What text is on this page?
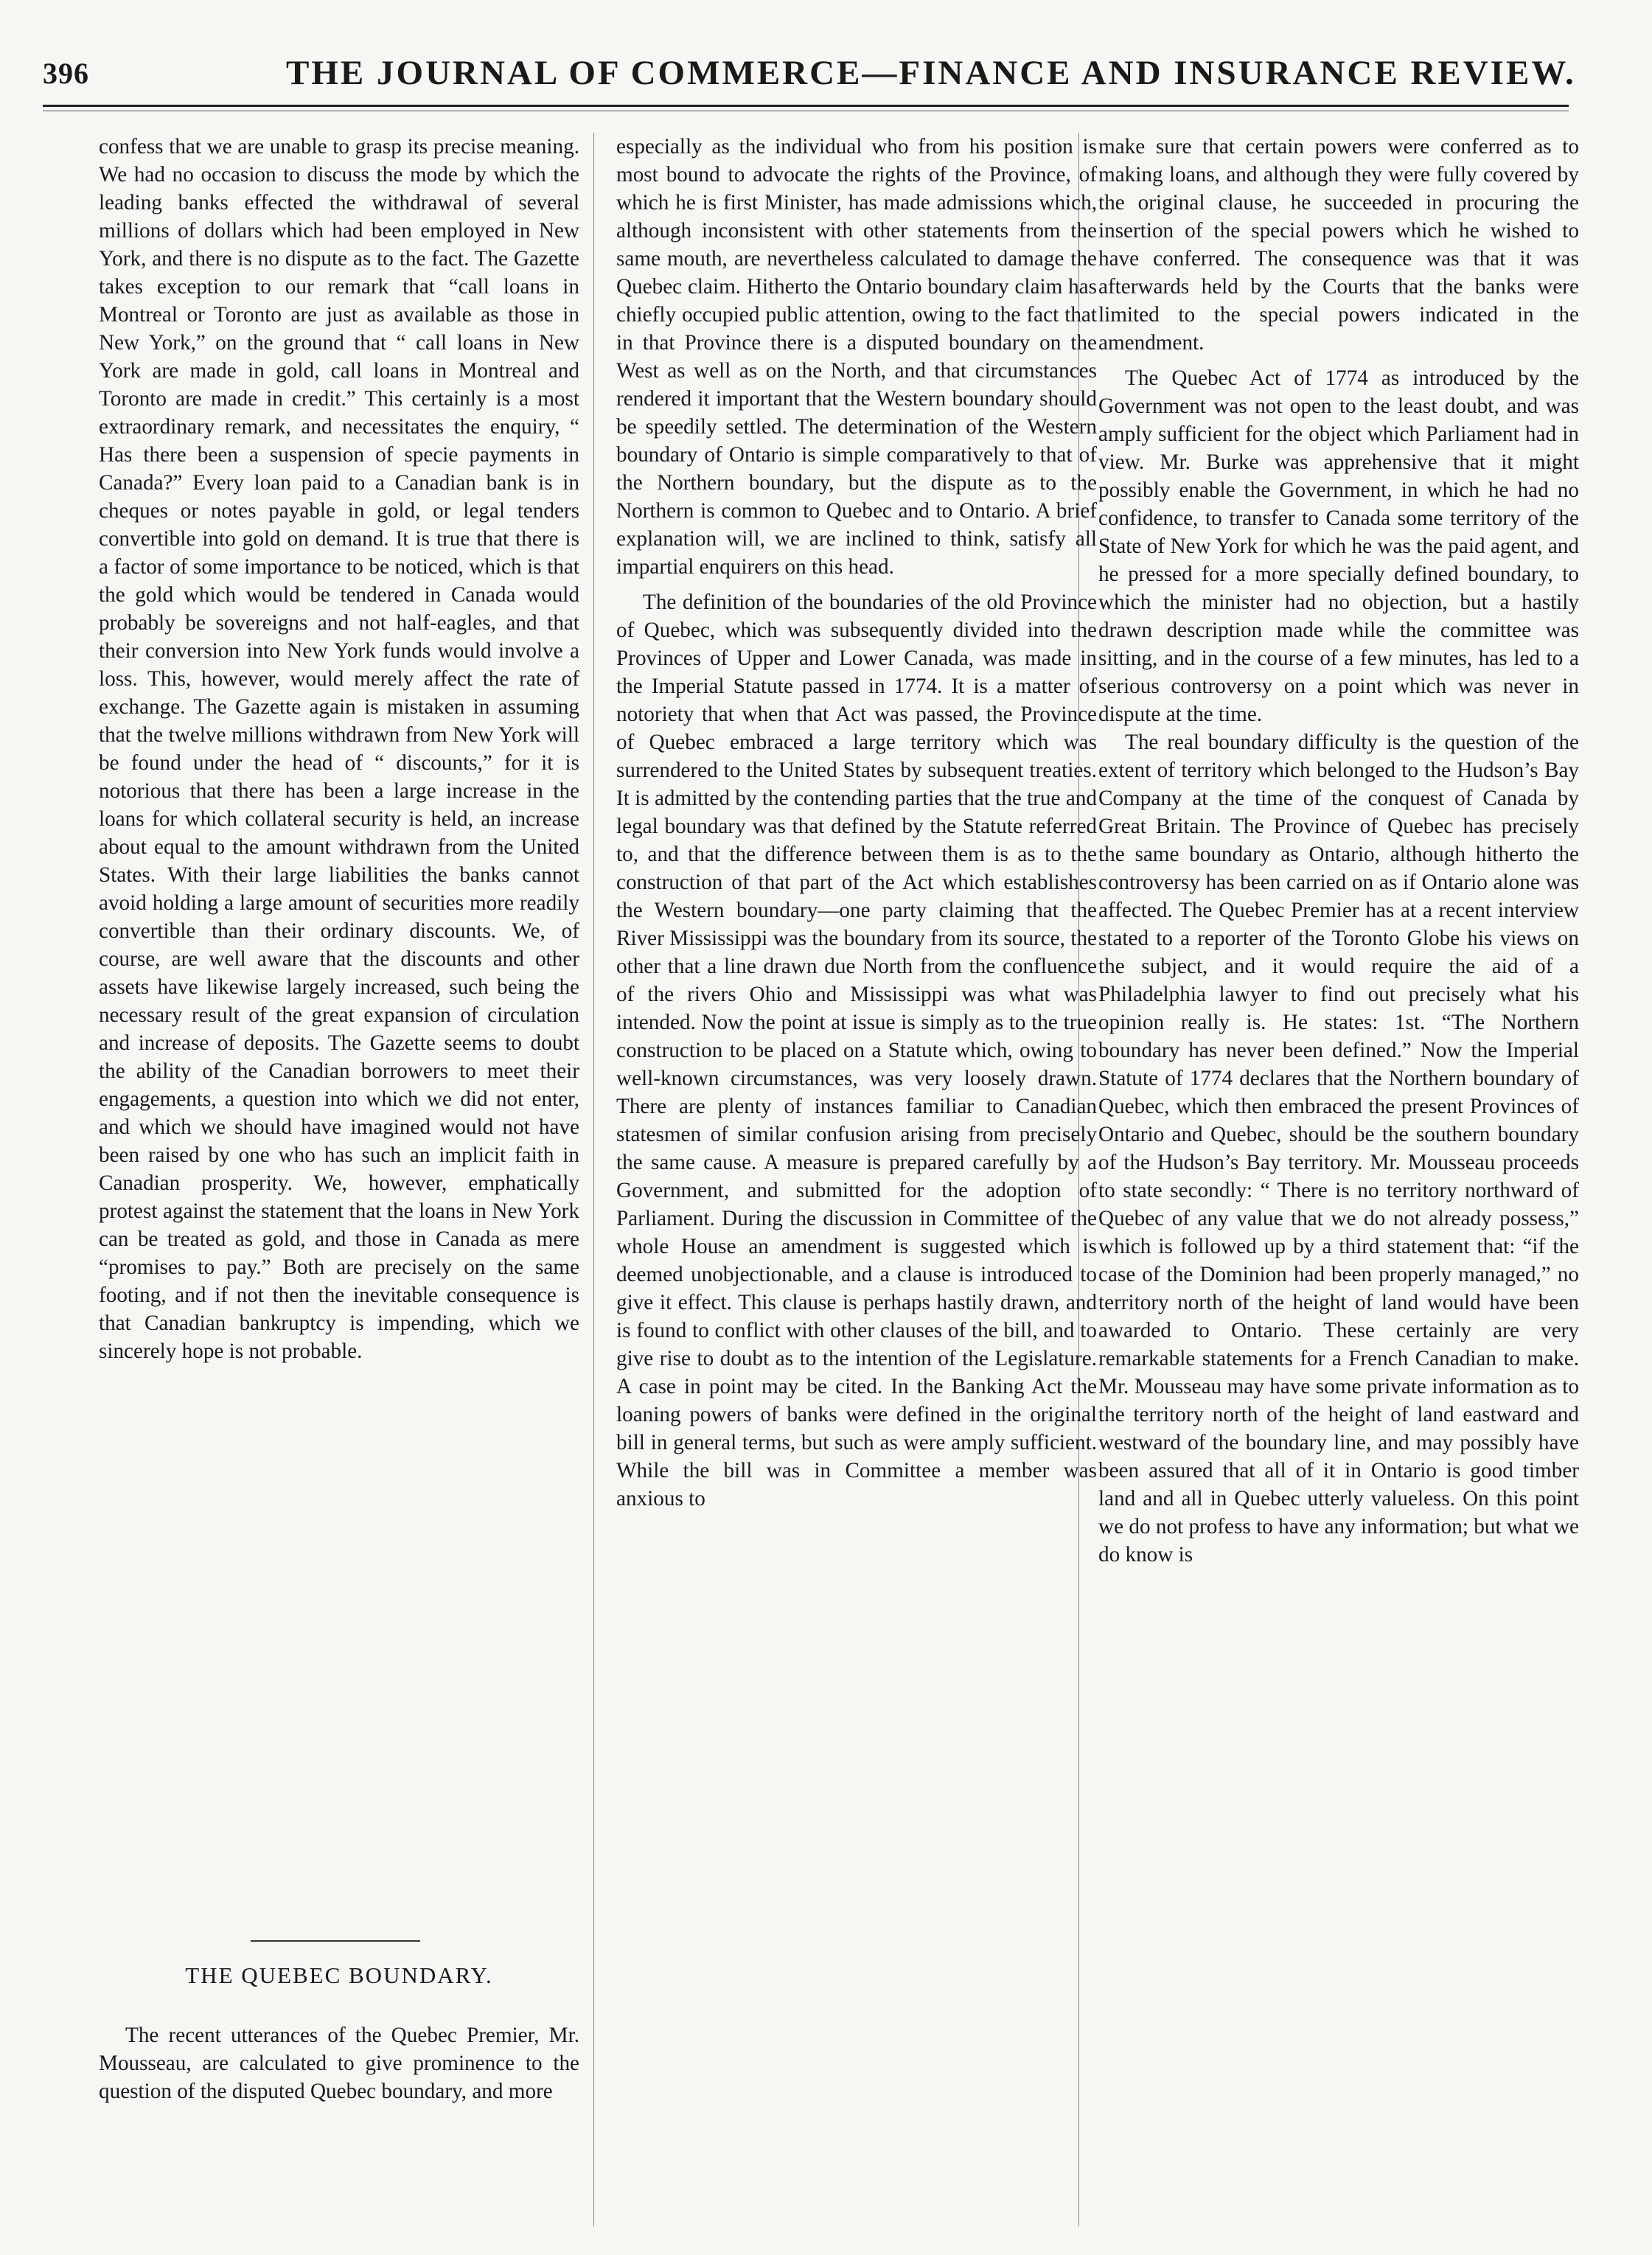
396	THE JOURNAL OF COMMERCE—FINANCE AND INSURANCE REVIEW.

confess that we are unable to grasp its precise meaning. We had no occasion to discuss the mode by which the leading banks effected the withdrawal of several millions of dollars which had been employed in New York, and there is no dispute as to the fact. The Gazette takes exception to our remark that “call loans in Montreal or Toronto are just as available as those in New York,” on the ground that “ call loans in New York are made in gold, call loans in Montreal and Toronto are made in credit.” This certainly is a most extraordinary remark, and necessitates the enquiry, “ Has there been a suspension of specie payments in Canada?” Every loan paid to a Canadian bank is in cheques or notes payable in gold, or legal tenders convertible into gold on demand. It is true that there is a factor of some importance to be noticed, which is that the gold which would be tendered in Canada would probably be sovereigns and not half-eagles, and that their conversion into New York funds would involve a loss. This, however, would merely affect the rate of exchange. The Gazette again is mistaken in assuming that the twelve millions withdrawn from New York will be found under the head of “ discounts,” for it is notorious that there has been a large increase in the loans for which collateral security is held, an increase about equal to the amount withdrawn from the United States. With their large liabilities the banks cannot avoid holding a large amount of securities more readily convertible than their ordinary discounts. We, of course, are well aware that the discounts and other assets have likewise largely increased, such being the necessary result of the great expansion of circulation and increase of deposits. The Gazette seems to doubt the ability of the Canadian borrowers to meet their engagements, a question into which we did not enter, and which we should have imagined would not have been raised by one who has such an implicit faith in Canadian prosperity. We, however, emphatically protest against the statement that the loans in New York can be treated as gold, and those in Canada as mere “promises to pay.” Both are precisely on the same footing, and if not then the inevitable consequence is that Canadian bankruptcy is impending, which we sincerely hope is not probable.

THE QUEBEC BOUNDARY.

The recent utterances of the Quebec Premier, Mr. Mousseau, are calculated to give prominence to the question of the disputed Quebec boundary, and more

especially as the individual who from his position is most bound to advocate the rights of the Province, of which he is first Minister, has made admissions which, although inconsistent with other statements from the same mouth, are nevertheless calculated to damage the Quebec claim. Hitherto the Ontario boundary claim has chiefly occupied public attention, owing to the fact that in that Province there is a disputed boundary on the West as well as on the North, and that circumstances rendered it important that the Western boundary should be speedily settled. The determination of the Western boundary of Ontario is simple comparatively to that of the Northern boundary, but the dispute as to the Northern is common to Quebec and to Ontario. A brief explanation will, we are inclined to think, satisfy all impartial enquirers on this head.

The definition of the boundaries of the old Province of Quebec, which was subsequently divided into the Provinces of Upper and Lower Canada, was made in the Imperial Statute passed in 1774. It is a matter of notoriety that when that Act was passed, the Province of Quebec embraced a large territory which was surrendered to the United States by subsequent treaties. It is admitted by the contending parties that the true and legal boundary was that defined by the Statute referred to, and that the difference between them is as to the construction of that part of the Act which establishes the Western boundary—one party claiming that the River Mississippi was the boundary from its source, the other that a line drawn due North from the confluence of the rivers Ohio and Mississippi was what was intended. Now the point at issue is simply as to the true construction to be placed on a Statute which, owing to well-known circumstances, was very loosely drawn. There are plenty of instances familiar to Canadian statesmen of similar confusion arising from precisely the same cause. A measure is prepared carefully by a Government, and submitted for the adoption of Parliament. During the discussion in Committee of the whole House an amendment is suggested which is deemed unobjectionable, and a clause is introduced to give it effect. This clause is perhaps hastily drawn, and is found to conflict with other clauses of the bill, and to give rise to doubt as to the intention of the Legislature. A case in point may be cited. In the Banking Act the loaning powers of banks were defined in the original bill in general terms, but such as were amply sufficient. While the bill was in Committee a member was anxious to

make sure that certain powers were conferred as to making loans, and although they were fully covered by the original clause, he succeeded in procuring the insertion of the special powers which he wished to have conferred. The consequence was that it was afterwards held by the Courts that the banks were limited to the special powers indicated in the amendment.

The Quebec Act of 1774 as introduced by the Government was not open to the least doubt, and was amply sufficient for the object which Parliament had in view. Mr. Burke was apprehensive that it might possibly enable the Government, in which he had no confidence, to transfer to Canada some territory of the State of New York for which he was the paid agent, and he pressed for a more specially defined boundary, to which the minister had no objection, but a hastily drawn description made while the committee was sitting, and in the course of a few minutes, has led to a serious controversy on a point which was never in dispute at the time.

The real boundary difficulty is the question of the extent of territory which belonged to the Hudson’s Bay Company at the time of the conquest of Canada by Great Britain. The Province of Quebec has precisely the same boundary as Ontario, although hitherto the controversy has been carried on as if Ontario alone was affected. The Quebec Premier has at a recent interview stated to a reporter of the Toronto Globe his views on the subject, and it would require the aid of a Philadelphia lawyer to find out precisely what his opinion really is. He states: 1st. “The Northern boundary has never been defined.” Now the Imperial Statute of 1774 declares that the Northern boundary of Quebec, which then embraced the present Provinces of Ontario and Quebec, should be the southern boundary of the Hudson’s Bay territory. Mr. Mousseau proceeds to state secondly: “ There is no territory northward of Quebec of any value that we do not already possess,” which is followed up by a third statement that: “if the case of the Dominion had been properly managed,” no territory north of the height of land would have been awarded to Ontario. These certainly are very remarkable statements for a French Canadian to make. Mr. Mousseau may have some private information as to the territory north of the height of land eastward and westward of the boundary line, and may possibly have been assured that all of it in Ontario is good timber land and all in Quebec utterly valueless. On this point we do not profess to have any information; but what we do know is
